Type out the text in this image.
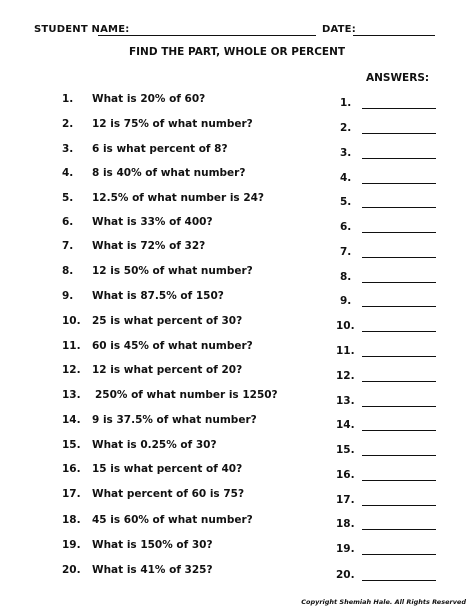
STUDENT NAME:	DATE:
FIND THE PART, WHOLE OR PERCENT
ANSWERS:
1. What is 20% of 60?
2. 12 is 75% of what number?
3. 6 is what percent of 8?
4. 8 is 40% of what number?
5. 12.5% of what number is 24?
6. What is 33% of 400?
7. What is 72% of 32?
8. 12 is 50% of what number?
9. What is 87.5% of 150?
10. 25 is what percent of 30?
11. 60 is 45% of what number?
12. 12 is what percent of 20?
13. 250% of what number is 1250?
14. 9 is 37.5% of what number?
15. What is 0.25% of 30?
16. 15 is what percent of 40?
17. What percent of 60 is 75?
18. 45 is 60% of what number?
19. What is 150% of 30?
20. What is 41% of 325?
1.
2.
3.
4.
5.
6.
7.
8.
9.
10.
11.
12.
13.
14.
15.
16.
17.
18.
19.
20.
Copyright Shemiah Hale. All Rights Reserved
